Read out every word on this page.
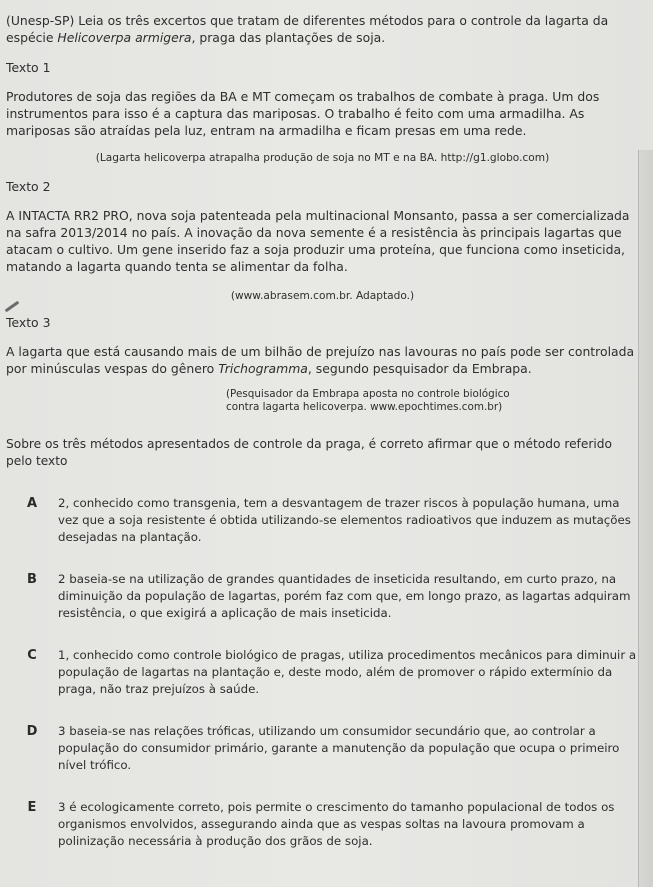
(Unesp-SP) Leia os três excertos que tratam de diferentes métodos para o controle da lagarta da espécie Helicoverpa armigera, praga das plantações de soja.

Texto 1

Produtores de soja das regiões da BA e MT começam os trabalhos de combate à praga. Um dos instrumentos para isso é a captura das mariposas. O trabalho é feito com uma armadilha. As mariposas são atraídas pela luz, entram na armadilha e ficam presas em uma rede.

(Lagarta helicoverpa atrapalha produção de soja no MT e na BA. http://g1.globo.com)

Texto 2

A INTACTA RR2 PRO, nova soja patenteada pela multinacional Monsanto, passa a ser comercializada na safra 2013/2014 no país. A inovação da nova semente é a resistência às principais lagartas que atacam o cultivo. Um gene inserido faz a soja produzir uma proteína, que funciona como inseticida, matando a lagarta quando tenta se alimentar da folha.

(www.abrasem.com.br. Adaptado.)

Texto 3

A lagarta que está causando mais de um bilhão de prejuízo nas lavouras no país pode ser controlada por minúsculas vespas do gênero Trichogramma, segundo pesquisador da Embrapa.

(Pesquisador da Embrapa aposta no controle biológico

contra lagarta helicoverpa. www.epochtimes.com.br)

Sobre os três métodos apresentados de controle da praga, é correto afirmar que o método referido pelo texto

A	2, conhecido como transgenia, tem a desvantagem de trazer riscos à população humana, uma vez que a soja resistente é obtida utilizando-se elementos radioativos que induzem as mutações desejadas na plantação.
B	2 baseia-se na utilização de grandes quantidades de inseticida resultando, em curto prazo, na diminuição da população de lagartas, porém faz com que, em longo prazo, as lagartas adquiram resistência, o que exigirá a aplicação de mais inseticida.
C	1, conhecido como controle biológico de pragas, utiliza procedimentos mecânicos para diminuir a população de lagartas na plantação e, deste modo, além de promover o rápido extermínio da praga, não traz prejuízos à saúde.
D	3 baseia-se nas relações tróficas, utilizando um consumidor secundário que, ao controlar a população do consumidor primário, garante a manutenção da população que ocupa o primeiro nível trófico.
E	3 é ecologicamente correto, pois permite o crescimento do tamanho populacional de todos os organismos envolvidos, assegurando ainda que as vespas soltas na lavoura promovam a polinização necessária à produção dos grãos de soja.
